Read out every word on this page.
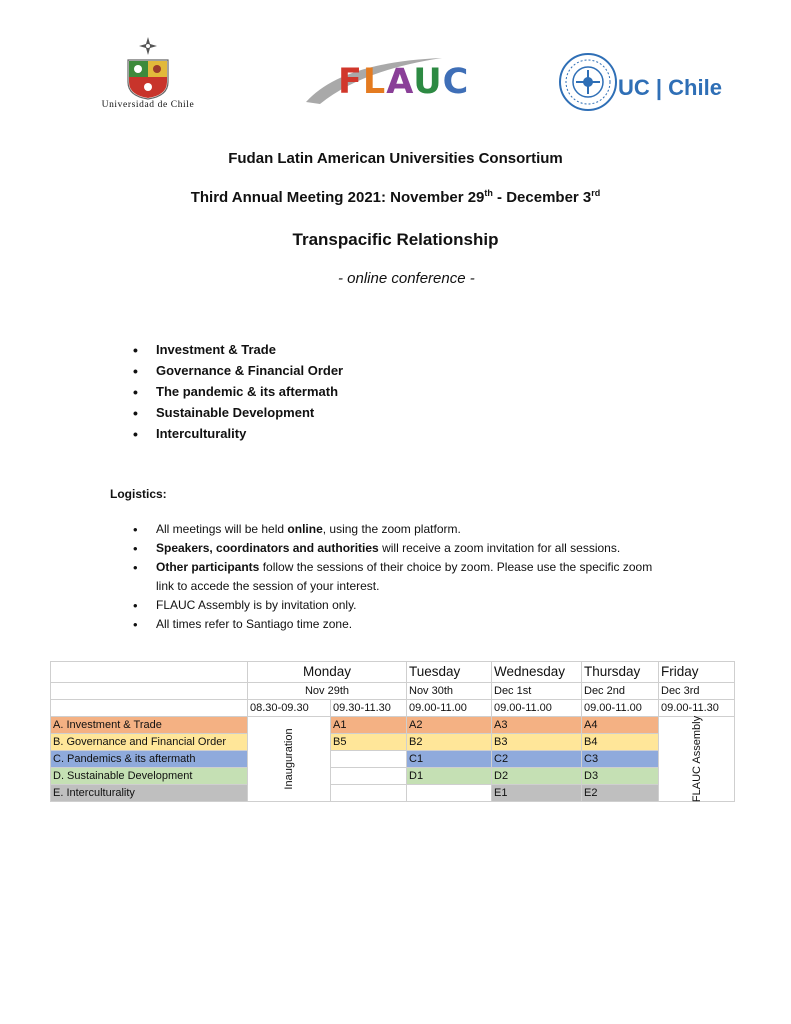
Universidad de Chile
FLAUC	UC | Chile
Fudan Latin American Universities Consortium
Third Annual Meeting 2021: November 29th - December 3rd
Transpacific Relationship
- online conference -
• Investment & Trade
• Governance & Financial Order
• The pandemic & its aftermath
• Sustainable Development
• Interculturality
Logistics:
• All meetings will be held online, using the zoom platform.
• Speakers, coordinators and authorities will receive a zoom invitation for all sessions.
• Other participants follow the sessions of their choice by zoom. Please use the specific zoom link to accede the session of your interest.
• FLAUC Assembly is by invitation only.
• All times refer to Santiago time zone.
	Monday		Tuesday	Wednesday	Thursday	Friday
	Nov 29th		Nov 30th	Dec 1st	Dec 2nd	Dec 3rd
	08.30-09.30	09.30-11.30	09.00-11.00	09.00-11.00	09.00-11.00	09.00-11.30
A. Investment & Trade	Inauguration	A1	A2	A3	A4	FLAUC Assembly

B. Governance and Financial Order		B5	B2	B3	B4	
C. Pandemics & its aftermath			C1	C2	C3	
D. Sustainable Development			D1	D2	D3	
E. Interculturality				E1	E2	
